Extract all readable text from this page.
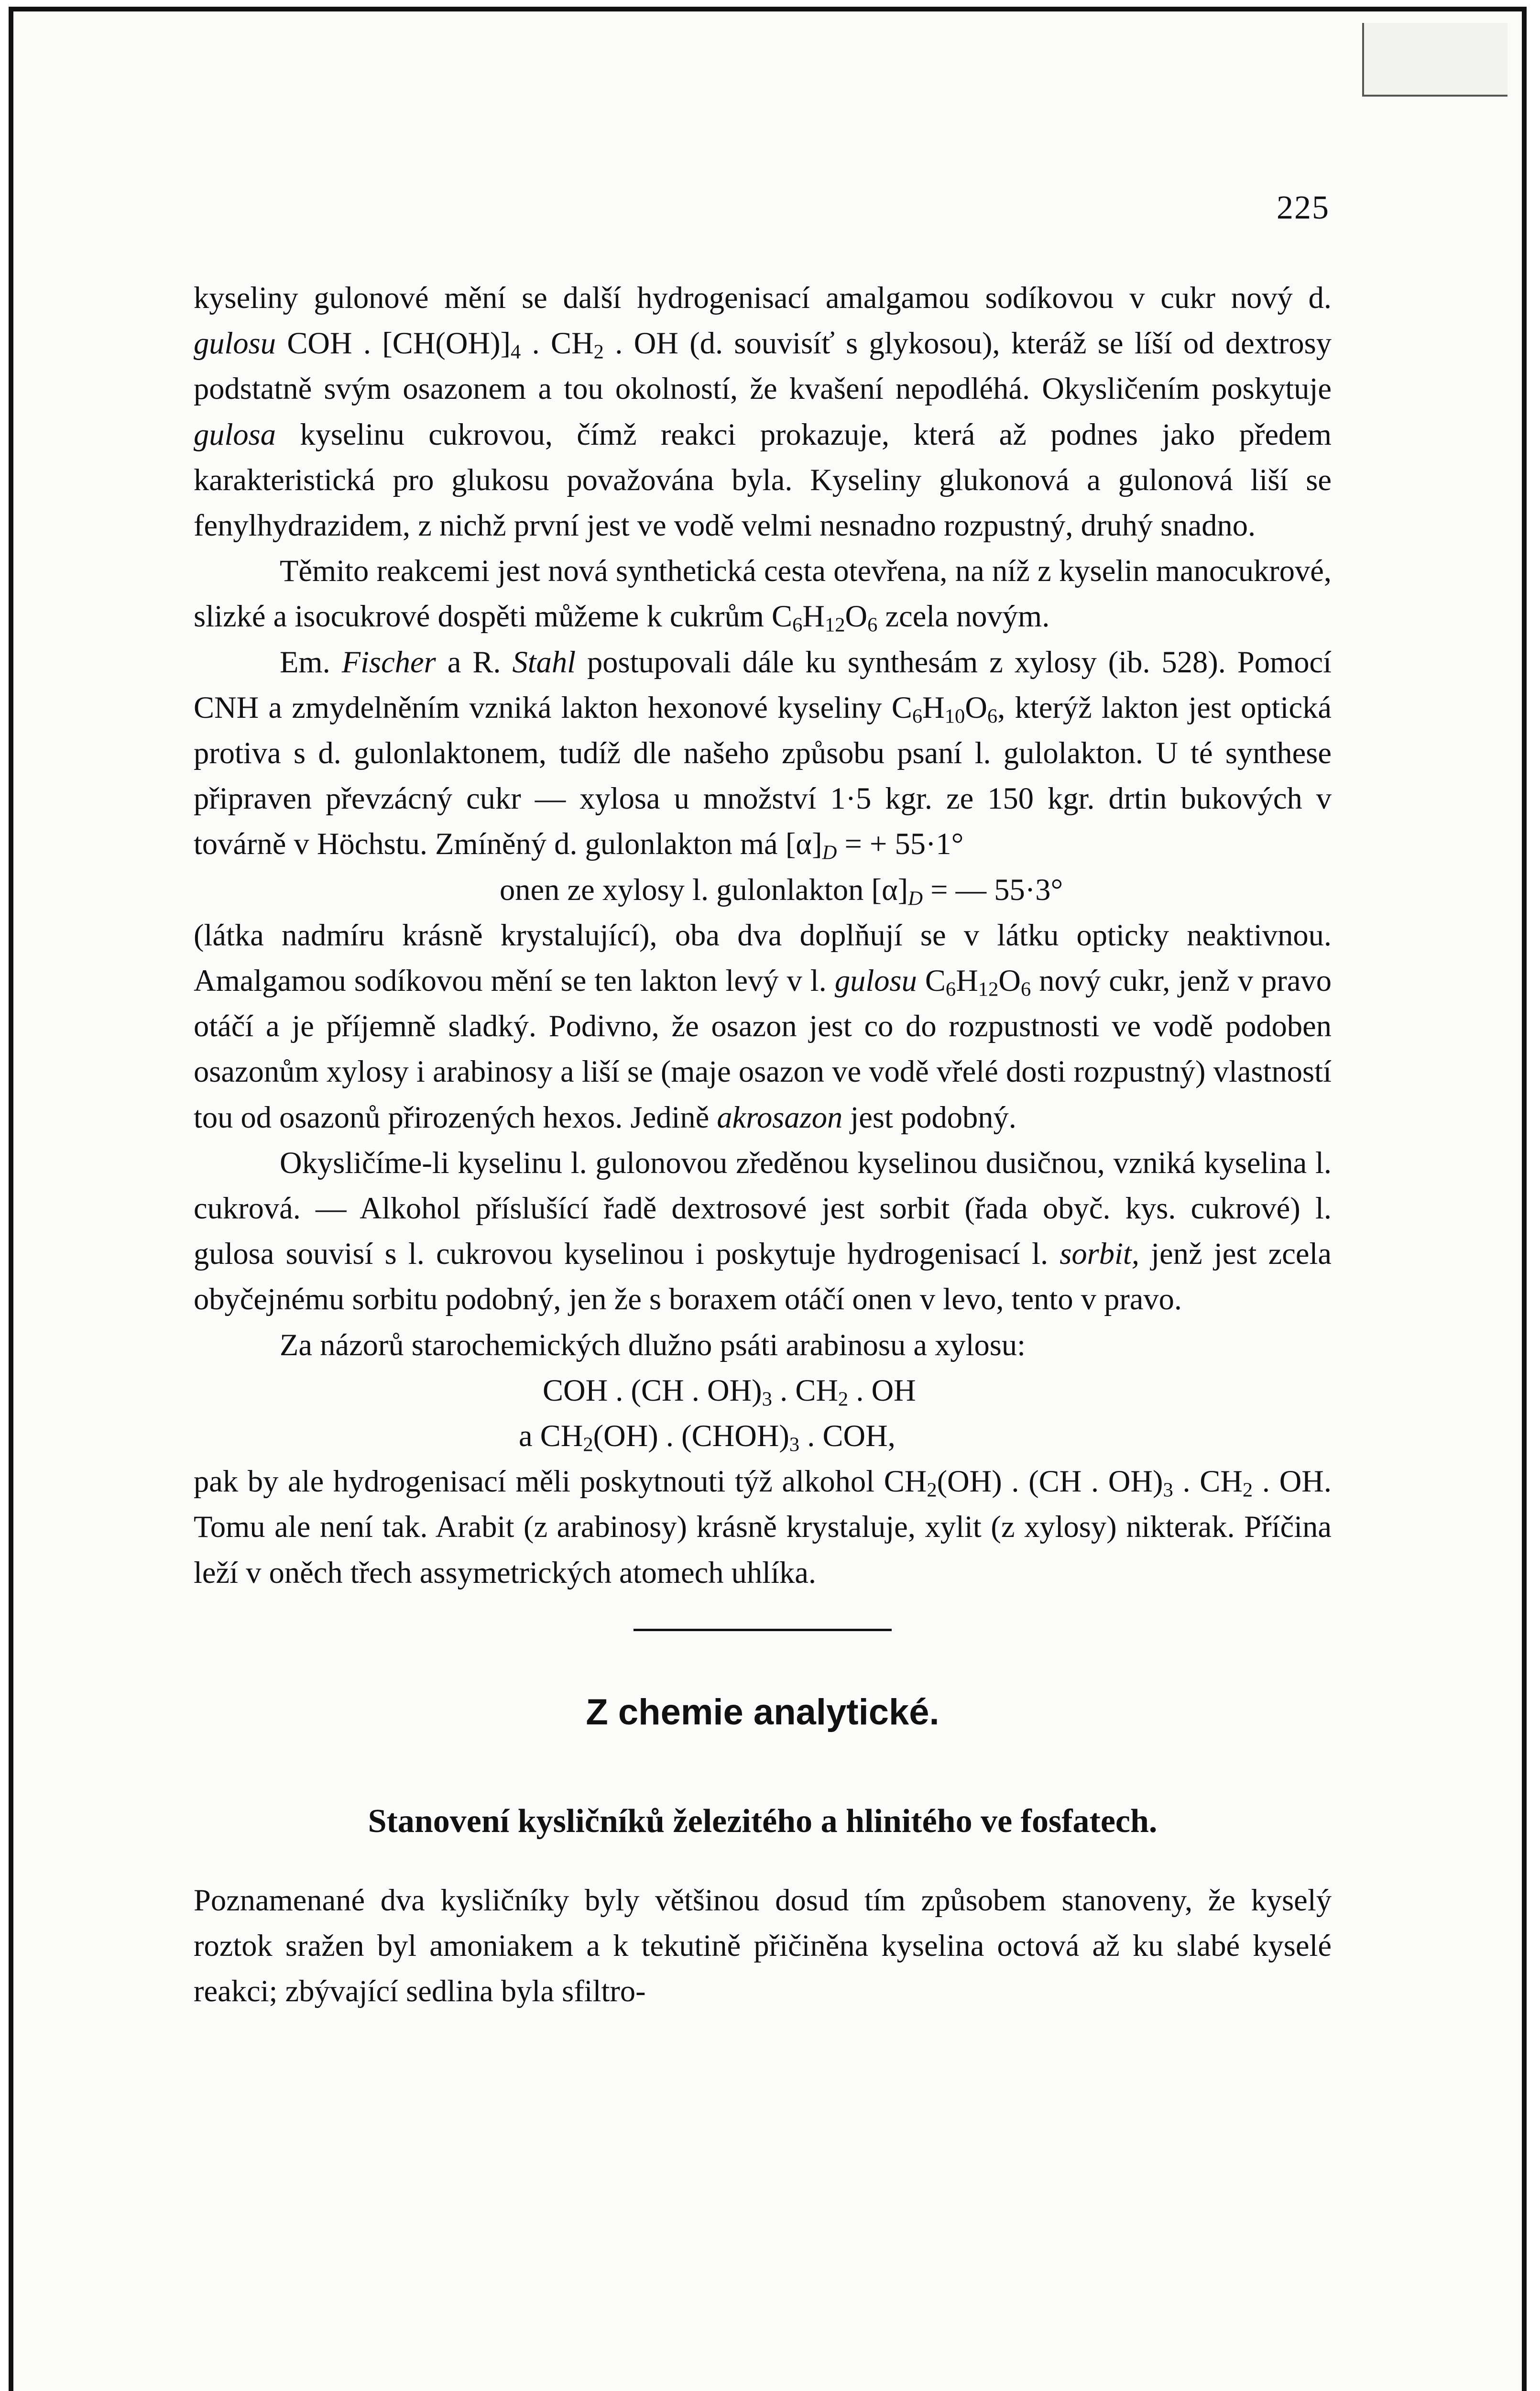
225

kyseliny gulonové mění se další hydrogenisací amalgamou sodíkovou v cukr nový d. gulosu COH . $[CH(OH)]_4$ . $CH_2$ . OH (d. souvisíť s glykosou), kteráž se líší od dextrosy podstatně svým osazonem a tou okolností, že kvašení nepodléhá. Okysličením poskytuje gulosa kyselinu cukrovou, čímž reakci prokazuje, která až podnes jako předem karakteristická pro glukosu považována byla. Kyseliny glukonová a gulonová liší se fenylhydrazidem, z nichž první jest ve vodě velmi nesnadno rozpustný, druhý snadno.

Těmito reakcemi jest nová synthetická cesta otevřena, na níž z kyselin manocukrové, slizké a isocukrové dospěti můžeme k cukrům $C_6H_{12}O_6$ zcela novým.

Em. Fischer a R. Stahl postupovali dále ku synthesám z xylosy (ib. 528). Pomocí CNH a zmydelněním vzniká lakton hexonové kyseliny $C_6H_{10}O_6$, kterýž lakton jest optická protiva s d. gulonlaktonem, tudíž dle našeho způsobu psaní l. gulolakton. U té synthese připraven převzácný cukr — xylosa u množství 1·5 kgr. ze 150 kgr. drtin bukových v továrně v Höchstu. Zmíněný d. gulonlakton má $[\alpha]_D$ = + 55·1°

onen ze xylosy l. gulonlakton $[\alpha]_D$ = — 55·3°

(látka nadmíru krásně krystalující), oba dva doplňují se v látku opticky neaktivnou. Amalgamou sodíkovou mění se ten lakton levý v l. gulosu $C_6H_{12}O_6$ nový cukr, jenž v pravo otáčí a je příjemně sladký. Podivno, že osazon jest co do rozpustnosti ve vodě podoben osazonům xylosy i arabinosy a liší se (maje osazon ve vodě vřelé dosti rozpustný) vlastností tou od osazonů přirozených hexos. Jedině akrosazon jest podobný.

Okysličíme-li kyselinu l. gulonovou zředěnou kyselinou dusičnou, vzniká kyselina l. cukrová. — Alkohol příslušící řadě dextrosové jest sorbit (řada obyč. kys. cukrové) l. gulosa souvisí s l. cukrovou kyselinou i poskytuje hydrogenisací l. sorbit, jenž jest zcela obyčejnému sorbitu podobný, jen že s boraxem otáčí onen v levo, tento v pravo.

Za názorů starochemických dlužno psáti arabinosu a xylosu:

COH . (CH . $OH)_3$ . $CH_2$ . OH

a $CH_2(OH)$ . $(CHOH)_3$ . COH,

pak by ale hydrogenisací měli poskytnouti týž alkohol $CH_2(OH)$ . (CH . $OH)_3$ . $CH_2$ . OH. Tomu ale není tak. Arabit (z arabinosy) krásně krystaluje, xylit (z xylosy) nikterak. Příčina leží v oněch třech assymetrických atomech uhlíka.

Z chemie analytické.
Stanovení kysličníků železitého a hlinitého ve fosfatech.

Poznamenané dva kysličníky byly většinou dosud tím způsobem stanoveny, že kyselý roztok sražen byl amoniakem a k tekutině přičiněna kyselina octová až ku slabé kyselé reakci; zbývající sedlina byla sfiltro-
